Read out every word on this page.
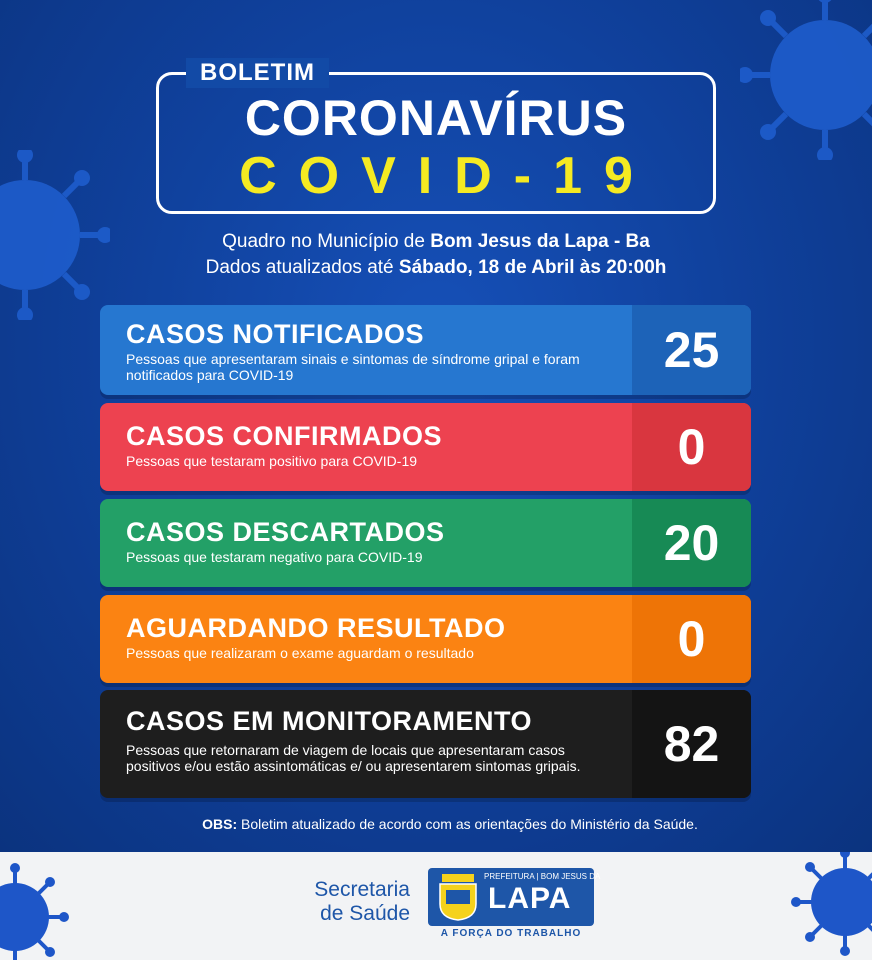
BOLETIM
CORONAVÍRUS
COVID-19
Quadro no Município de Bom Jesus da Lapa - Ba
Dados atualizados até Sábado, 18 de Abril às 20:00h
CASOS NOTIFICADOS
Pessoas que apresentaram sinais e sintomas de síndrome gripal e foram notificados para COVID-19	25
CASOS CONFIRMADOS
Pessoas que testaram positivo para COVID-19	0
CASOS DESCARTADOS
Pessoas que testaram negativo para COVID-19	20
AGUARDANDO RESULTADO
Pessoas que realizaram o exame aguardam o resultado	0
CASOS EM MONITORAMENTO
Pessoas que retornaram de viagem de locais que apresentaram casos positivos e/ou estão assintomáticas e/ ou apresentarem sintomas gripais.	82
OBS: Boletim atualizado de acordo com as orientações do Ministério da Saúde.
Secretaria
de Saúde
PREFEITURA | BOM JESUS DA
LAPA
A FORÇA DO TRABALHO
